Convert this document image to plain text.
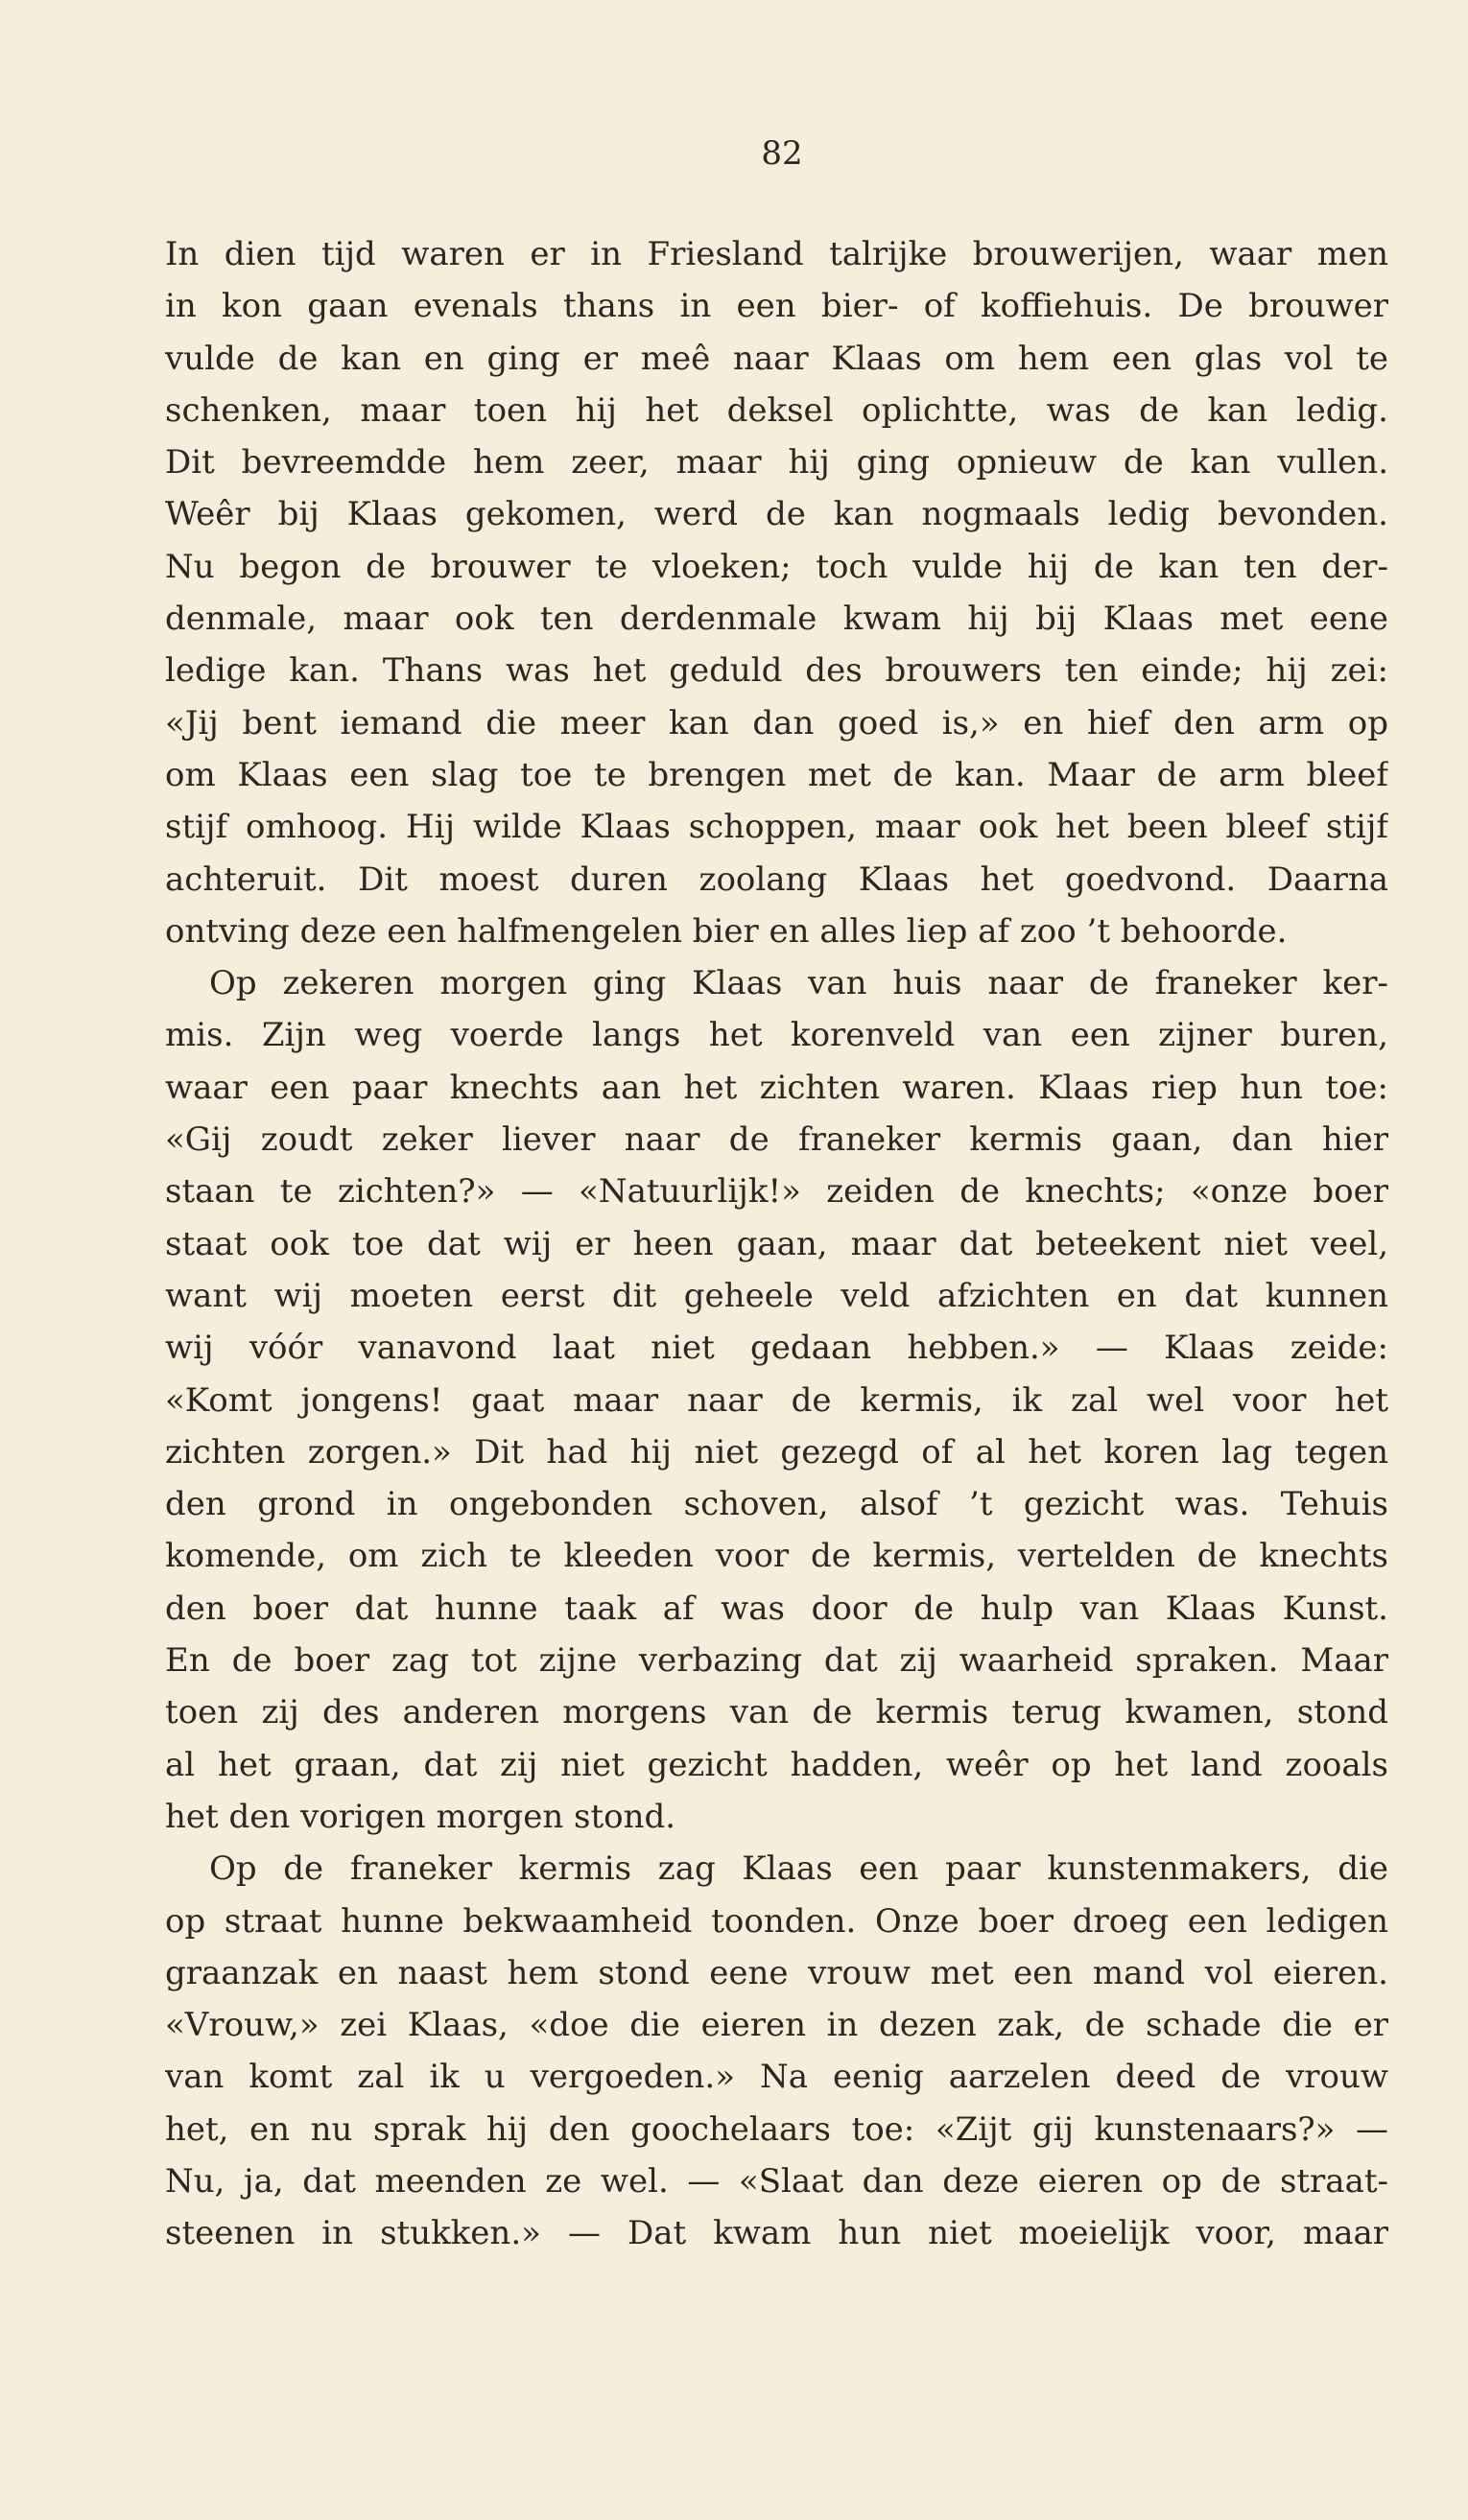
82
In dien tijd waren er in Friesland talrijke brouwerijen, waar men
in kon gaan evenals thans in een bier- of koffiehuis. De brouwer
vulde de kan en ging er meê naar Klaas om hem een glas vol te
schenken, maar toen hij het deksel oplichtte, was de kan ledig.
Dit bevreemdde hem zeer, maar hij ging opnieuw de kan vullen.
Weêr bij Klaas gekomen, werd de kan nogmaals ledig bevonden.
Nu begon de brouwer te vloeken; toch vulde hij de kan ten der-
denmale, maar ook ten derdenmale kwam hij bij Klaas met eene
ledige kan. Thans was het geduld des brouwers ten einde; hij zei:
«Jij bent iemand die meer kan dan goed is,» en hief den arm op
om Klaas een slag toe te brengen met de kan. Maar de arm bleef
stijf omhoog. Hij wilde Klaas schoppen, maar ook het been bleef stijf
achteruit. Dit moest duren zoolang Klaas het goedvond. Daarna
ontving deze een halfmengelen bier en alles liep af zoo ’t behoorde.
Op zekeren morgen ging Klaas van huis naar de franeker ker-
mis. Zijn weg voerde langs het korenveld van een zijner buren,
waar een paar knechts aan het zichten waren. Klaas riep hun toe:
«Gij zoudt zeker liever naar de franeker kermis gaan, dan hier
staan te zichten?» — «Natuurlijk!» zeiden de knechts; «onze boer
staat ook toe dat wij er heen gaan, maar dat beteekent niet veel,
want wij moeten eerst dit geheele veld afzichten en dat kunnen
wij vóór vanavond laat niet gedaan hebben.» — Klaas zeide:
«Komt jongens! gaat maar naar de kermis, ik zal wel voor het
zichten zorgen.» Dit had hij niet gezegd of al het koren lag tegen
den grond in ongebonden schoven, alsof ’t gezicht was. Tehuis
komende, om zich te kleeden voor de kermis, vertelden de knechts
den boer dat hunne taak af was door de hulp van Klaas Kunst.
En de boer zag tot zijne verbazing dat zij waarheid spraken. Maar
toen zij des anderen morgens van de kermis terug kwamen, stond
al het graan, dat zij niet gezicht hadden, weêr op het land zooals
het den vorigen morgen stond.
Op de franeker kermis zag Klaas een paar kunstenmakers, die
op straat hunne bekwaamheid toonden. Onze boer droeg een ledigen
graanzak en naast hem stond eene vrouw met een mand vol eieren.
«Vrouw,» zei Klaas, «doe die eieren in dezen zak, de schade die er
van komt zal ik u vergoeden.» Na eenig aarzelen deed de vrouw
het, en nu sprak hij den goochelaars toe: «Zijt gij kunstenaars?» —
Nu, ja, dat meenden ze wel. — «Slaat dan deze eieren op de straat-
steenen in stukken.» — Dat kwam hun niet moeielijk voor, maar
